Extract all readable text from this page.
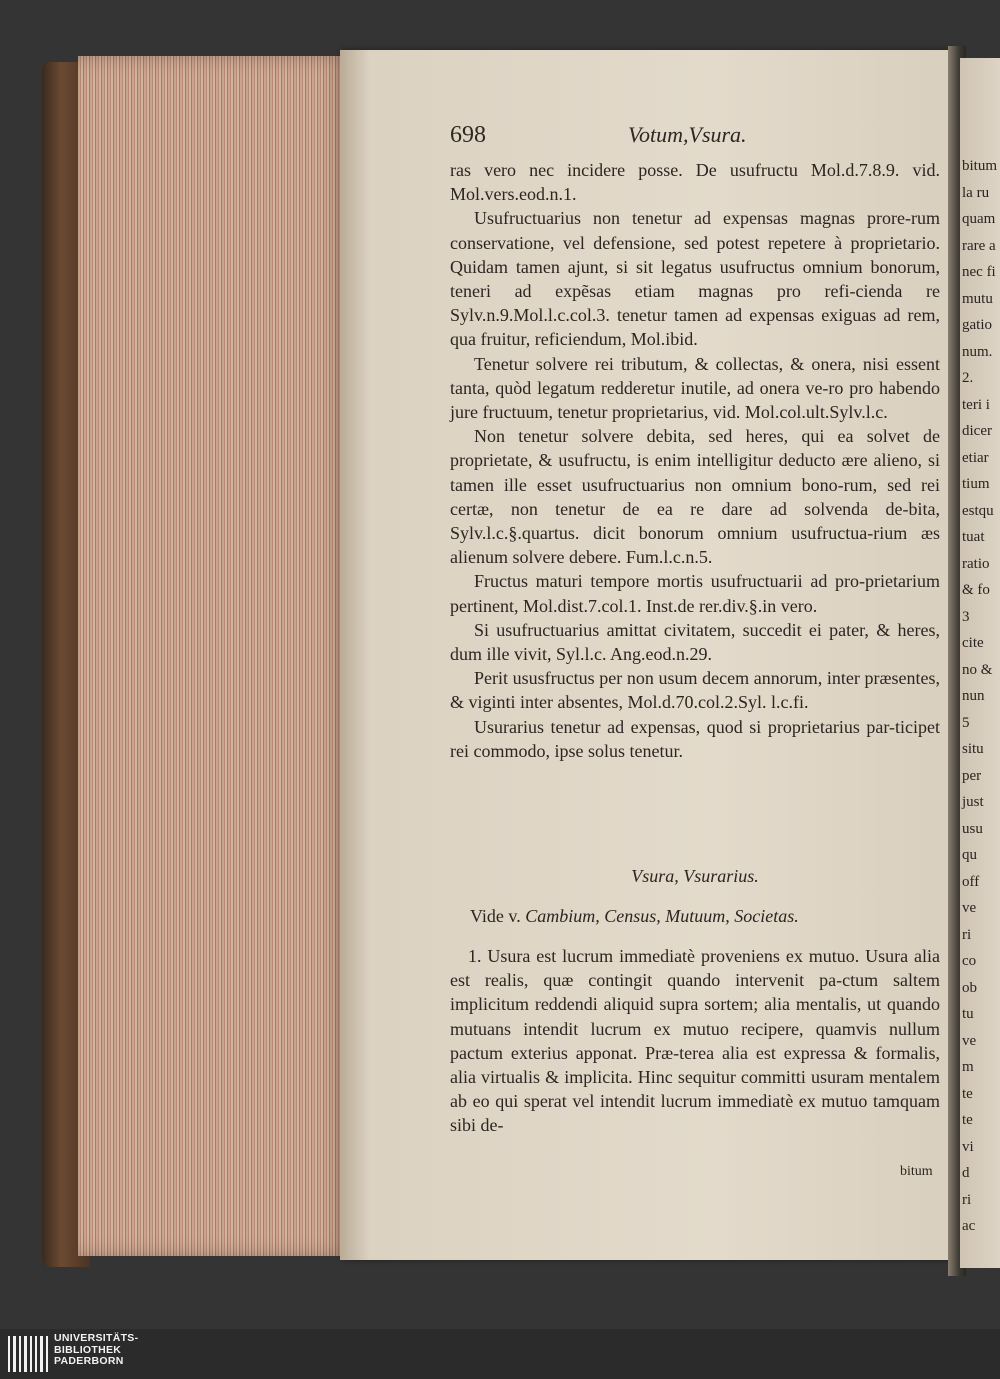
bitum
la ru
quam
rare a
nec fi
mutu
gatio
num.
2.
teri i
dicer
etiar
tium
estqu
tuat
ratio
& fo
3
cite
no &
nun
5
situ
per
just
usu
qu
off
ve
ri
co
ob
tu
ve
m
te
te
vi
d
ri
ac
698	Votum,Vsura.

ras vero nec incidere posse. De usufructu Mol.d.7.8.9. vid. Mol.vers.eod.n.1.

Usufructuarius non tenetur ad expensas magnas prore-rum conservatione, vel defensione, sed potest repetere à proprietario. Quidam tamen ajunt, si sit legatus usufructus omnium bonorum, teneri ad expẽsas etiam magnas pro refi-cienda re Sylv.n.9.Mol.l.c.col.3. tenetur tamen ad expensas exiguas ad rem, qua fruitur, reficiendum, Mol.ibid.

Tenetur solvere rei tributum, & collectas, & onera, nisi essent tanta, quòd legatum redderetur inutile, ad onera ve-ro pro habendo jure fructuum, tenetur proprietarius, vid. Mol.col.ult.Sylv.l.c.

Non tenetur solvere debita, sed heres, qui ea solvet de proprietate, & usufructu, is enim intelligitur deducto ære alieno, si tamen ille esset usufructuarius non omnium bono-rum, sed rei certæ, non tenetur de ea re dare ad solvenda de-bita, Sylv.l.c.§.quartus. dicit bonorum omnium usufructua-rium æs alienum solvere debere. Fum.l.c.n.5.

Fructus maturi tempore mortis usufructuarii ad pro-prietarium pertinent, Mol.dist.7.col.1. Inst.de rer.div.§.in vero.

Si usufructuarius amittat civitatem, succedit ei pater, & heres, dum ille vivit, Syl.l.c. Ang.eod.n.29.

Perit ususfructus per non usum decem annorum, inter præsentes, & viginti inter absentes, Mol.d.70.col.2.Syl. l.c.fi.

Usurarius tenetur ad expensas, quod si proprietarius par-ticipet rei commodo, ipse solus tenetur.

Vsura, Vsurarius.
Vide v. Cambium, Census, Mutuum, Societas.

1. Usura est lucrum immediatè proveniens ex mutuo. Usura alia est realis, quæ contingit quando intervenit pa-ctum saltem implicitum reddendi aliquid supra sortem; alia mentalis, ut quando mutuans intendit lucrum ex mutuo recipere, quamvis nullum pactum exterius apponat. Præ-terea alia est expressa & formalis, alia virtualis & implicita. Hinc sequitur committi usuram mentalem ab eo qui sperat vel intendit lucrum immediatè ex mutuo tamquam sibi de-

bitum
UNIVERSITÄTS-
BIBLIOTHEK
PADERBORN
